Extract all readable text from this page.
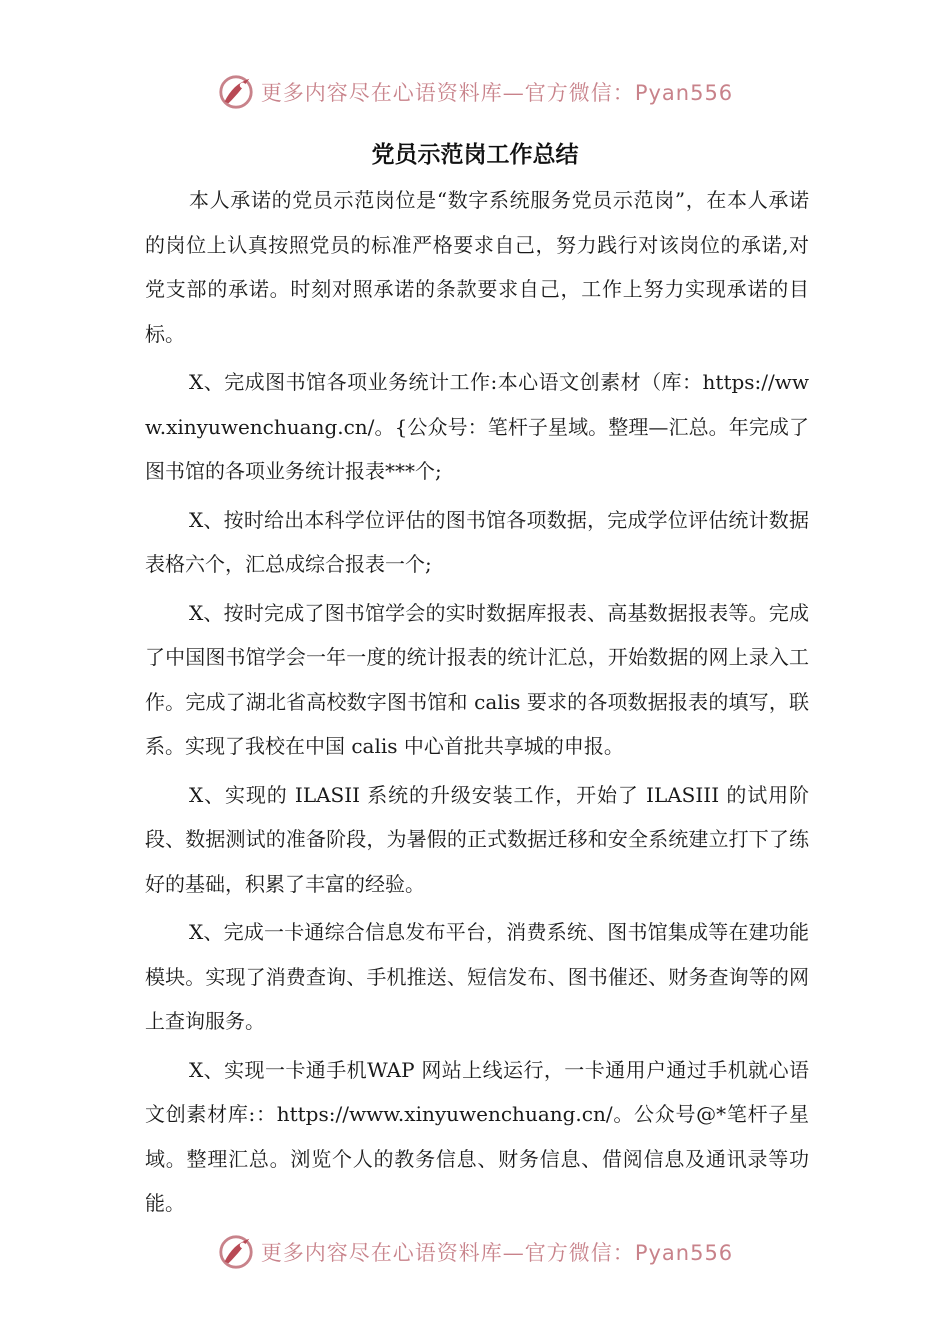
更多内容尽在心语资料库—官方微信：Pyan556
党员示范岗工作总结

本人承诺的党员示范岗位是“数字系统服务党员示范岗”，在本人承诺的岗位上认真按照党员的标准严格要求自己，努力践行对该岗位的承诺,对党支部的承诺。时刻对照承诺的条款要求自己，工作上努力实现承诺的目标。

X、完成图书馆各项业务统计工作:本心语文创素材（库：https://www.xinyuwenchuang.cn/。{公众号：笔杆子星域。整理—汇总。年完成了图书馆的各项业务统计报表***个;

X、按时给出本科学位评估的图书馆各项数据，完成学位评估统计数据表格六个，汇总成综合报表一个;

X、按时完成了图书馆学会的实时数据库报表、高基数据报表等。完成了中国图书馆学会一年一度的统计报表的统计汇总，开始数据的网上录入工作。完成了湖北省高校数字图书馆和 calis 要求的各项数据报表的填写，联系。实现了我校在中国 calis 中心首批共享城的申报。

X、实现的 ILASII 系统的升级安装工作，开始了 ILASIII 的试用阶段、数据测试的准备阶段，为暑假的正式数据迁移和安全系统建立打下了练好的基础，积累了丰富的经验。

X、完成一卡通综合信息发布平台，消费系统、图书馆集成等在建功能模块。实现了消费查询、手机推送、短信发布、图书催还、财务查询等的网上查询服务。

X、实现一卡通手机WAP 网站上线运行，一卡通用户通过手机就心语文创素材库:：https://www.xinyuwenchuang.cn/。公众号@*笔杆子星域。整理汇总。浏览个人的教务信息、财务信息、借阅信息及通讯录等功能。

更多内容尽在心语资料库—官方微信：Pyan556
